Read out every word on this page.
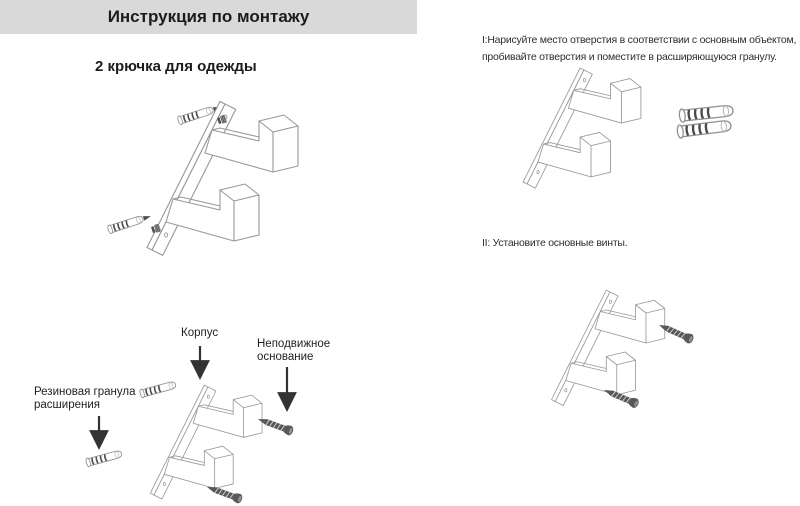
Инструкция по монтажу
2 крючка для одежды
I:Нарисуйте место отверстия в соответствии с основным объектом, пробивайте отверстия и поместите в расширяющуюся гранулу.
II: Установите основные винты.
Корпус
Неподвижное основание
Резиновая гранула расширения
